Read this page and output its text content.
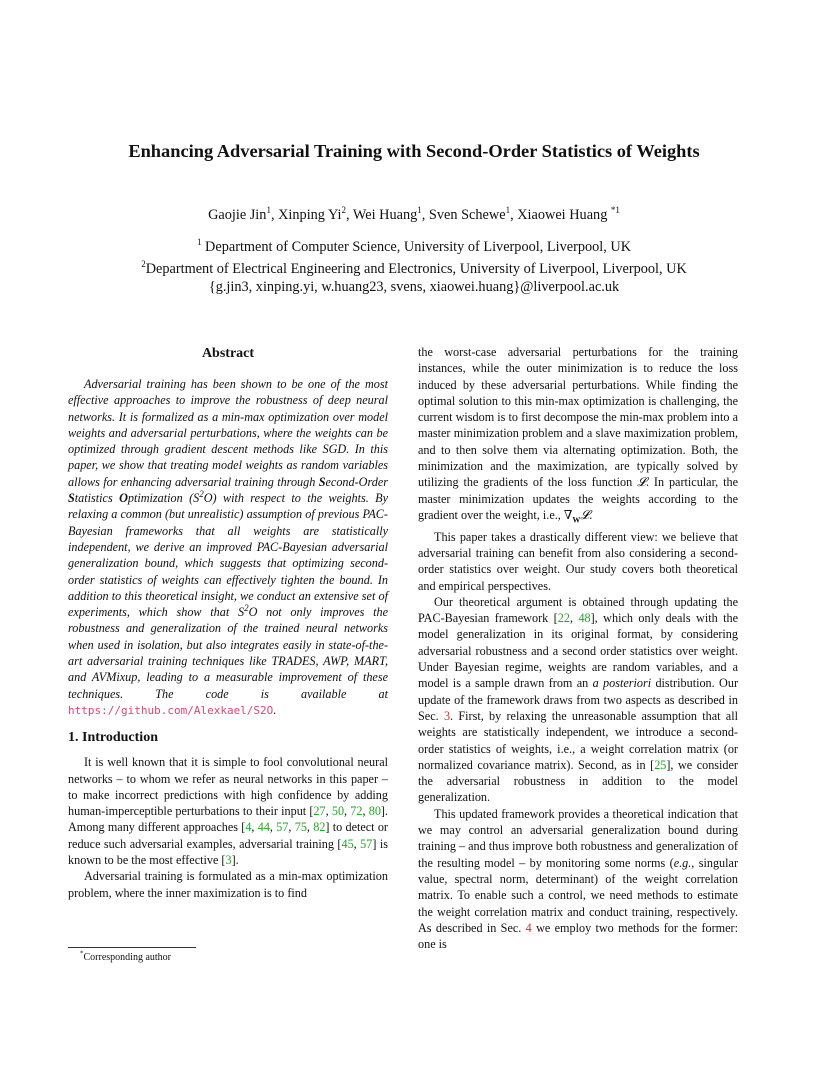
Enhancing Adversarial Training with Second-Order Statistics of Weights
Gaojie Jin$^1$, Xinping Yi$^2$, Wei Huang$^1$, Sven Schewe$^1$, Xiaowei Huang $^{*1}$
$^1$ Department of Computer Science, University of Liverpool, Liverpool, UK
$^2$Department of Electrical Engineering and Electronics, University of Liverpool, Liverpool, UK
{g.jin3, xinping.yi, w.huang23, svens, xiaowei.huang}@liverpool.ac.uk
Abstract

Adversarial training has been shown to be one of the most effective approaches to improve the robustness of deep neural networks. It is formalized as a min-max optimization over model weights and adversarial perturbations, where the weights can be optimized through gradient descent methods like SGD. In this paper, we show that treating model weights as random variables allows for enhancing adversarial training through Second-Order Statistics Optimization $(S^2O)$ with respect to the weights. By relaxing a common (but unrealistic) assumption of previous PAC-Bayesian frameworks that all weights are statistically independent, we derive an improved PAC-Bayesian adversarial generalization bound, which suggests that optimizing second-order statistics of weights can effectively tighten the bound. In addition to this theoretical insight, we conduct an extensive set of experiments, which show that $S^2O$ not only improves the robustness and generalization of the trained neural networks when used in isolation, but also integrates easily in state-of-the-art adversarial training techniques like TRADES, AWP, MART, and AVMixup, leading to a measurable improvement of these techniques. The code is available at https://github.com/Alexkael/S2O.

1. Introduction

It is well known that it is simple to fool convolutional neural networks – to whom we refer as neural networks in this paper – to make incorrect predictions with high confidence by adding human-imperceptible perturbations to their input [27, 50, 72, 80]. Among many different approaches [4, 44, 57, 75, 82] to detect or reduce such adversarial examples, adversarial training [45, 57] is known to be the most effective [3].

Adversarial training is formulated as a min-max optimization problem, where the inner maximization is to find

the worst-case adversarial perturbations for the training instances, while the outer minimization is to reduce the loss induced by these adversarial perturbations. While finding the optimal solution to this min-max optimization is challenging, the current wisdom is to first decompose the min-max problem into a master minimization problem and a slave maximization problem, and to then solve them via alternating optimization. Both, the minimization and the maximization, are typically solved by utilizing the gradients of the loss function 𝓛. In particular, the master minimization updates the weights according to the gradient over the weight, i.e., $\nabla_W𝓛$.

This paper takes a drastically different view: we believe that adversarial training can benefit from also considering a second-order statistics over weight. Our study covers both theoretical and empirical perspectives.

Our theoretical argument is obtained through updating the PAC-Bayesian framework [22, 48], which only deals with the model generalization in its original format, by considering adversarial robustness and a second order statistics over weight. Under Bayesian regime, weights are random variables, and a model is a sample drawn from an a posteriori distribution. Our update of the framework draws from two aspects as described in Sec. 3. First, by relaxing the unreasonable assumption that all weights are statistically independent, we introduce a second-order statistics of weights, i.e., a weight correlation matrix (or normalized covariance matrix). Second, as in [25], we consider the adversarial robustness in addition to the model generalization.

This updated framework provides a theoretical indication that we may control an adversarial generalization bound during training – and thus improve both robustness and generalization of the resulting model – by monitoring some norms (e.g., singular value, spectral norm, determinant) of the weight correlation matrix. To enable such a control, we need methods to estimate the weight correlation matrix and conduct training, respectively. As described in Sec. 4 we employ two methods for the former: one is

*Corresponding author
